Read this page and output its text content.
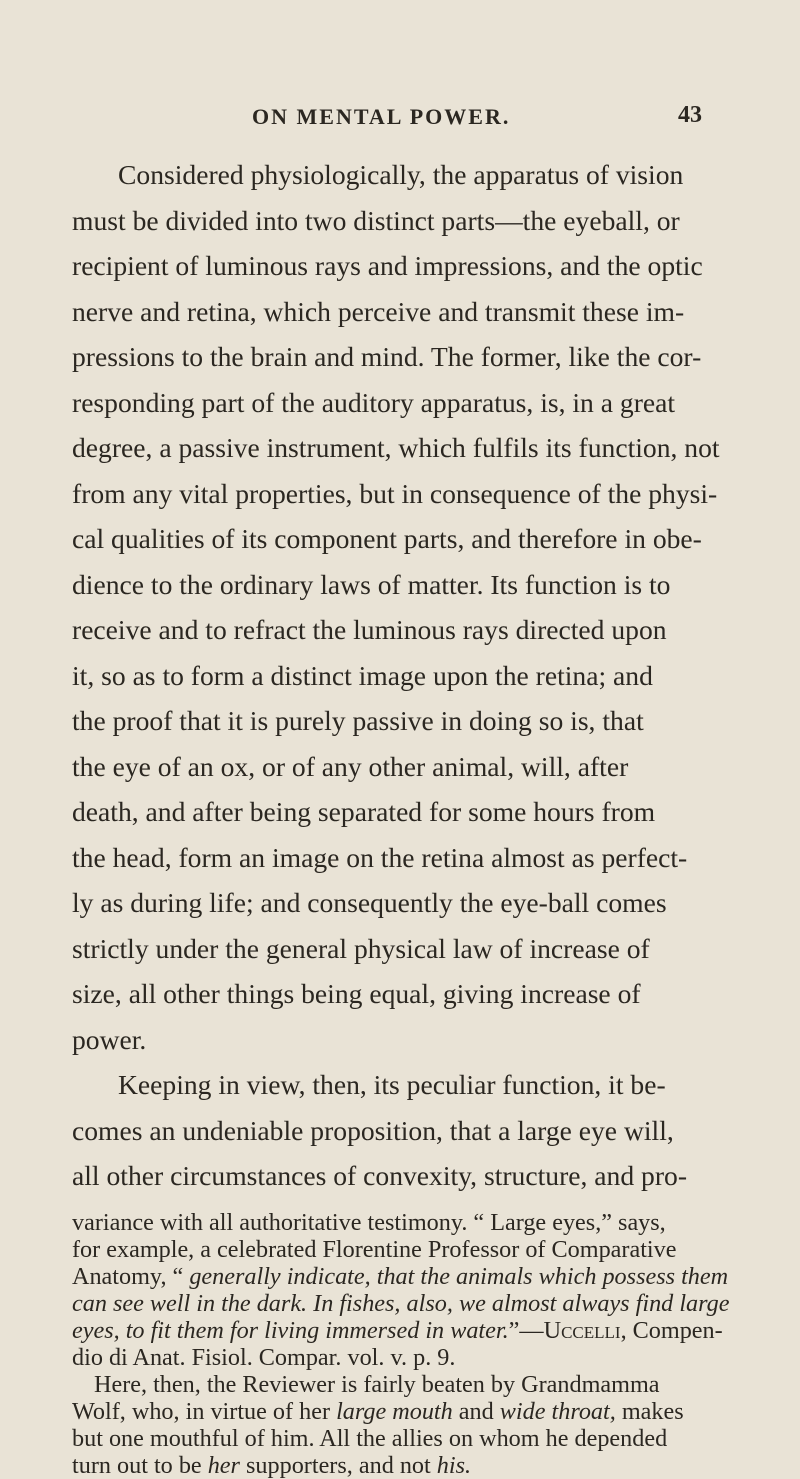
ON MENTAL POWER.	43

Considered physiologically, the apparatus of vision
must be divided into two distinct parts—the eyeball, or
recipient of luminous rays and impressions, and the optic
nerve and retina, which perceive and transmit these im-
pressions to the brain and mind. The former, like the cor-
responding part of the auditory apparatus, is, in a great
degree, a passive instrument, which fulfils its function, not
from any vital properties, but in consequence of the physi-
cal qualities of its component parts, and therefore in obe-
dience to the ordinary laws of matter. Its function is to
receive and to refract the luminous rays directed upon
it, so as to form a distinct image upon the retina; and
the proof that it is purely passive in doing so is, that
the eye of an ox, or of any other animal, will, after
death, and after being separated for some hours from
the head, form an image on the retina almost as perfect-
ly as during life; and consequently the eye-ball comes
strictly under the general physical law of increase of
size, all other things being equal, giving increase of
power.

Keeping in view, then, its peculiar function, it be-
comes an undeniable proposition, that a large eye will,
all other circumstances of convexity, structure, and pro-

variance with all authoritative testimony. “ Large eyes,” says,
for example, a celebrated Florentine Professor of Comparative
Anatomy, “ generally indicate, that the animals which possess them
can see well in the dark. In fishes, also, we almost always find large
eyes, to fit them for living immersed in water.”—Uccelli, Compen-
dio di Anat. Fisiol. Compar. vol. v. p. 9.
Here, then, the Reviewer is fairly beaten by Grandmamma
Wolf, who, in virtue of her large mouth and wide throat, makes
but one mouthful of him. All the allies on whom he depended
turn out to be her supporters, and not his.
